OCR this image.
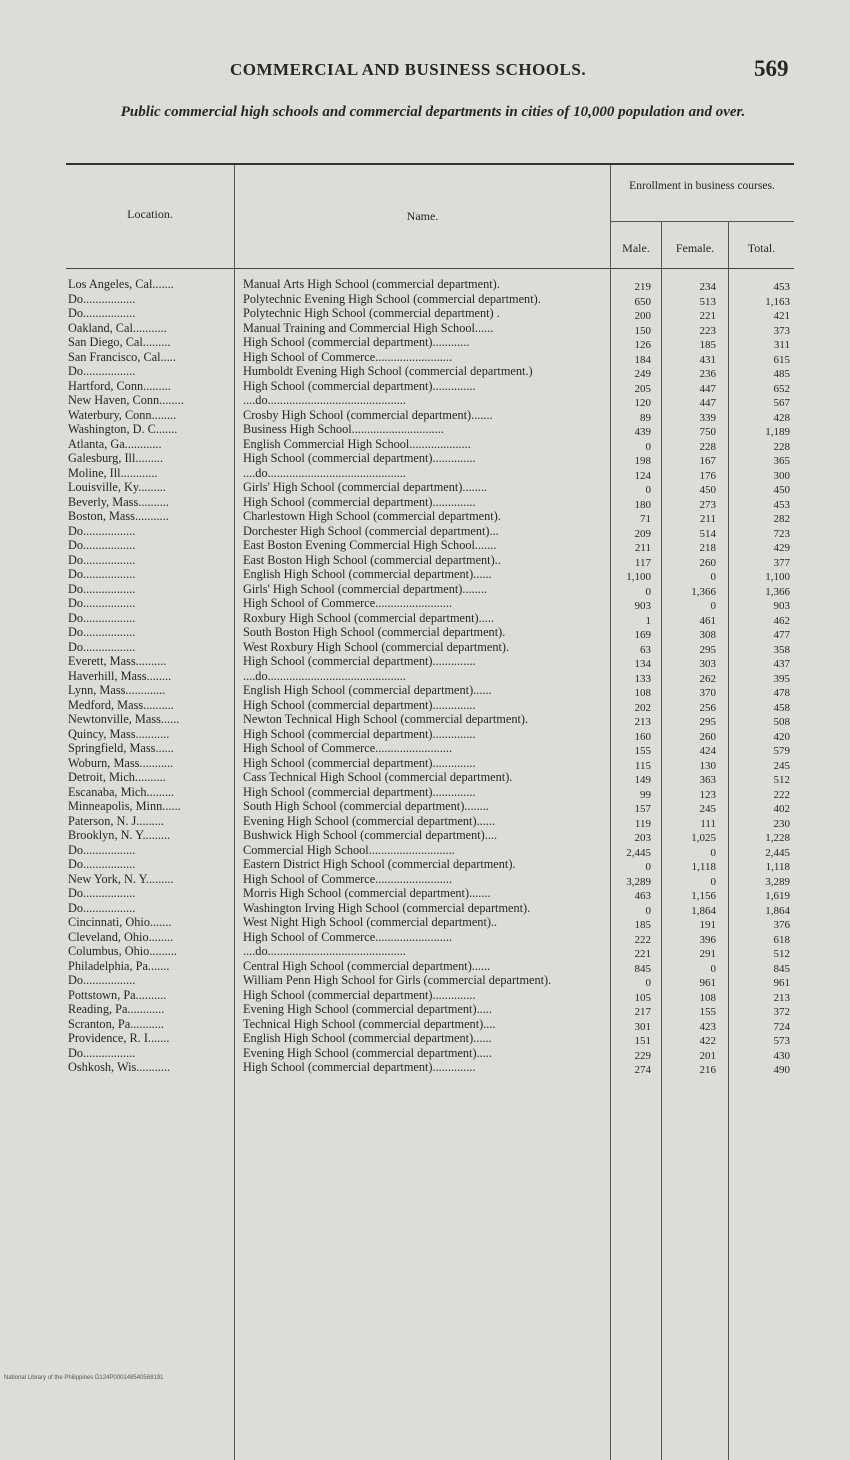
COMMERCIAL AND BUSINESS SCHOOLS.	569
Public commercial high schools and commercial departments in cities of 10,000 population and over.
Location.	Name.
Enrollment in business courses.
Male.	Female.	Total.
Los Angeles, Cal.......	Manual Arts High School (commercial department).	219	234	453
Do.................	Polytechnic Evening High School (commercial department).	650	513	1,163
Do.................	Polytechnic High School (commercial department) .	200	221	421
Oakland, Cal...........	Manual Training and Commercial High School......	150	223	373
San Diego, Cal.........	High School (commercial department)............	126	185	311
San Francisco, Cal.....	High School of Commerce.........................	184	431	615
Do.................	Humboldt Evening High School (commercial department.)	249	236	485
Hartford, Conn.........	High School (commercial department)..............	205	447	652
New Haven, Conn........	....do.............................................	120	447	567
Waterbury, Conn........	Crosby High School (commercial department).......	89	339	428
Washington, D. C.......	Business High School..............................	439	750	1,189
Atlanta, Ga............	English Commercial High School....................	0	228	228
Galesburg, Ill.........	High School (commercial department)..............	198	167	365
Moline, Ill............	....do.............................................	124	176	300
Louisville, Ky.........	Girls' High School (commercial department)........	0	450	450
Beverly, Mass..........	High School (commercial department)..............	180	273	453
Boston, Mass...........	Charlestown High School (commercial department).	71	211	282
Do.................	Dorchester High School (commercial department)...	209	514	723
Do.................	East Boston Evening Commercial High School.......	211	218	429
Do.................	East Boston High School (commercial department)..	117	260	377
Do.................	English High School (commercial department)......	1,100	0	1,100
Do.................	Girls' High School (commercial department)........	0	1,366	1,366
Do.................	High School of Commerce.........................	903	0	903
Do.................	Roxbury High School (commercial department).....	1	461	462
Do.................	South Boston High School (commercial department).	169	308	477
Do.................	West Roxbury High School (commercial department).	63	295	358
Everett, Mass..........	High School (commercial department)..............	134	303	437
Haverhill, Mass........	....do.............................................	133	262	395
Lynn, Mass.............	English High School (commercial department)......	108	370	478
Medford, Mass..........	High School (commercial department)..............	202	256	458
Newtonville, Mass......	Newton Technical High School (commercial department).	213	295	508
Quincy, Mass...........	High School (commercial department)..............	160	260	420
Springfield, Mass......	High School of Commerce.........................	155	424	579
Woburn, Mass...........	High School (commercial department)..............	115	130	245
Detroit, Mich..........	Cass Technical High School (commercial department).	149	363	512
Escanaba, Mich.........	High School (commercial department)..............	99	123	222
Minneapolis, Minn......	South High School (commercial department)........	157	245	402
Paterson, N. J.........	Evening High School (commercial department)......	119	111	230
Brooklyn, N. Y.........	Bushwick High School (commercial department)....	203	1,025	1,228
Do.................	Commercial High School............................	2,445	0	2,445
Do.................	Eastern District High School (commercial department).	0	1,118	1,118
New York, N. Y.........	High School of Commerce.........................	3,289	0	3,289
Do.................	Morris High School (commercial department).......	463	1,156	1,619
Do.................	Washington Irving High School (commercial department).	0	1,864	1,864
Cincinnati, Ohio.......	West Night High School (commercial department)..	185	191	376
Cleveland, Ohio........	High School of Commerce.........................	222	396	618
Columbus, Ohio.........	....do.............................................	221	291	512
Philadelphia, Pa.......	Central High School (commercial department)......	845	0	845
Do.................	William Penn High School for Girls (commercial department).	0	961	961
Pottstown, Pa..........	High School (commercial department)..............	105	108	213
Reading, Pa............	Evening High School (commercial department).....	217	155	372
Scranton, Pa...........	Technical High School (commercial department)....	301	423	724
Providence, R. I.......	English High School (commercial department)......	151	422	573
Do.................	Evening High School (commercial department).....	229	201	430
Oshkosh, Wis...........	High School (commercial department)..............	274	216	490
National Library of the Philippines D124P000148540568191
